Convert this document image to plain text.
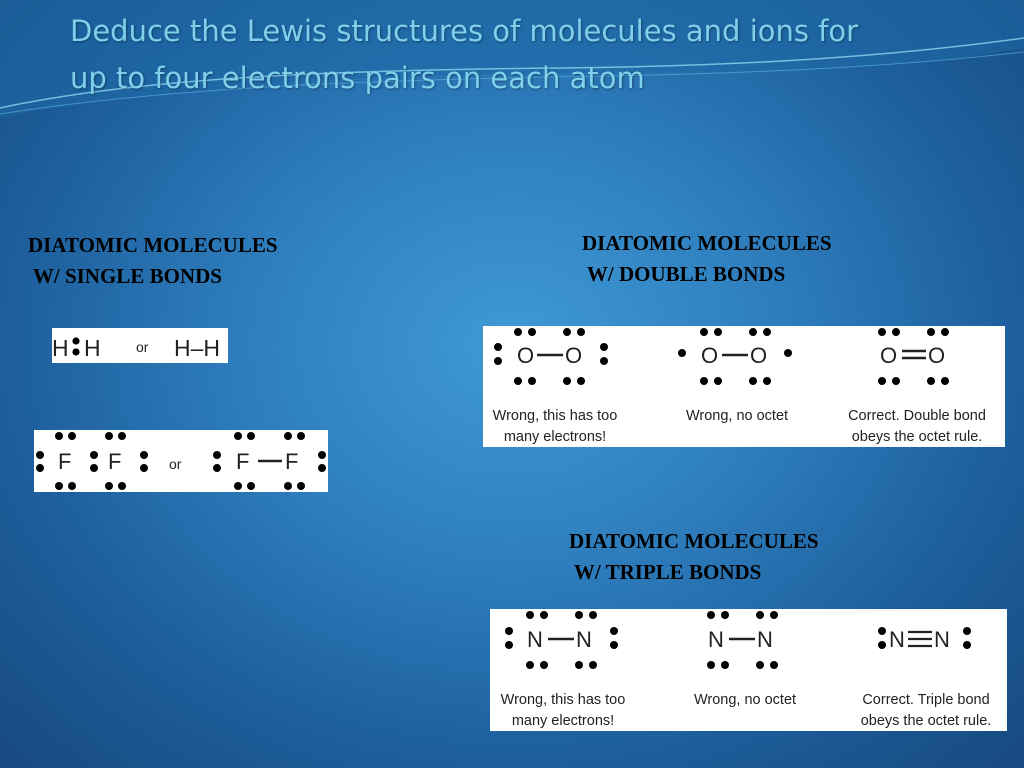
Deduce the Lewis structures of molecules and ions for
up to four electrons pairs on each atom
DIATOMIC MOLECULES
W/ SINGLE BONDS
H H	or H–H
F F	or F F
DIATOMIC MOLECULES
W/ DOUBLE BONDS
O O
Wrong, this has too
many electrons!
O O
Wrong, no octet
O O
Correct. Double bond
obeys the octet rule.
DIATOMIC MOLECULES
W/ TRIPLE BONDS
N N
Wrong, this has too
many electrons!
N N
Wrong, no octet
N N
Correct. Triple bond
obeys the octet rule.
